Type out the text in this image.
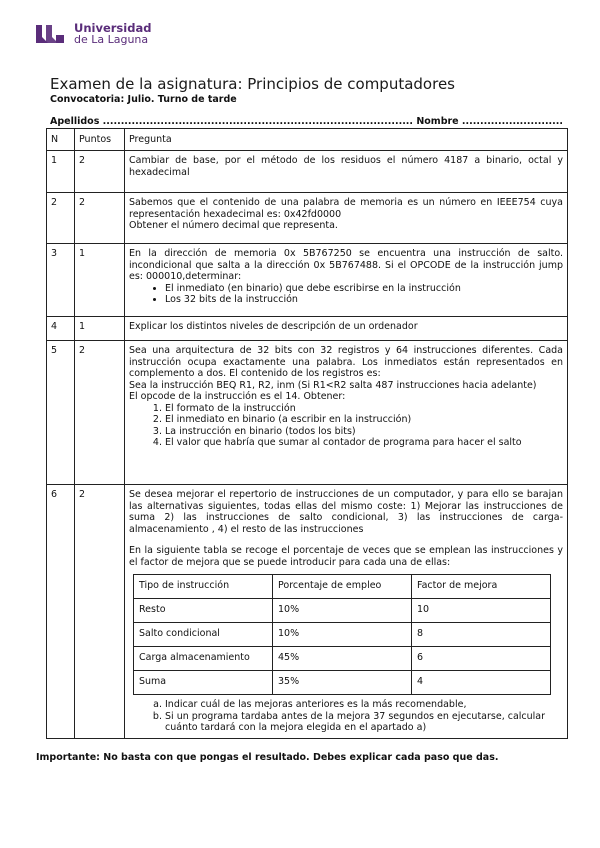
Universidad
de La Laguna
Examen de la asignatura: Principios de computadores
Convocatoria: Julio. Turno de tarde
Apellidos ...................................................................................... Nombre ............................
N	Puntos	Pregunta
1	2	Cambiar de base, por el método de los residuos el número 4187 a binario, octal y hexadecimal

2	2	Sabemos que el contenido de una palabra de memoria es un número en IEEE754 cuya representación hexadecimal es: 0x42fd0000

Obtener el número decimal que representa.

3	1	En la dirección de memoria 0x 5B767250 se encuentra una instrucción de salto. incondicional que salta a la dirección 0x 5B767488. Si el OPCODE de la instrucción jump es: 000010,determinar:

• El inmediato (en binario) que debe escribirse en la instrucción
• Los 32 bits de la instrucción

4	1	Explicar los distintos niveles de descripción de un ordenador

5	2	Sea una arquitectura de 32 bits con 32 registros y 64 instrucciones diferentes. Cada instrucción ocupa exactamente una palabra. Los inmediatos están representados en complemento a dos. El contenido de los registros es:

Sea la instrucción BEQ R1, R2, inm (Si R1<R2 salta 487 instrucciones hacia adelante)

El opcode de la instrucción es el 14. Obtener:

1. El formato de la instrucción
2. El inmediato en binario (a escribir en la instrucción)
3. La instrucción en binario (todos los bits)
4. El valor que habría que sumar al contador de programa para hacer el salto

6	2	Se desea mejorar el repertorio de instrucciones de un computador, y para ello se barajan las alternativas siguientes, todas ellas del mismo coste: 1) Mejorar las instrucciones de suma 2) las instrucciones de salto condicional, 3) las instrucciones de carga-almacenamiento , 4) el resto de las instrucciones

En la siguiente tabla se recoge el porcentaje de veces que se emplean las instrucciones y el factor de mejora que se puede introducir para cada una de ellas:

Tipo de instrucción	Porcentaje de empleo	Factor de mejora
Resto	10%	10
Salto condicional	10%	8
Carga almacenamiento	45%	6
Suma	35%	4
a. Indicar cuál de las mejoras anteriores es la más recomendable,
b. Si un programa tardaba antes de la mejora 37 segundos en ejecutarse, calcular cuánto tardará con la mejora elegida en el apartado a)
Importante: No basta con que pongas el resultado. Debes explicar cada paso que das.
